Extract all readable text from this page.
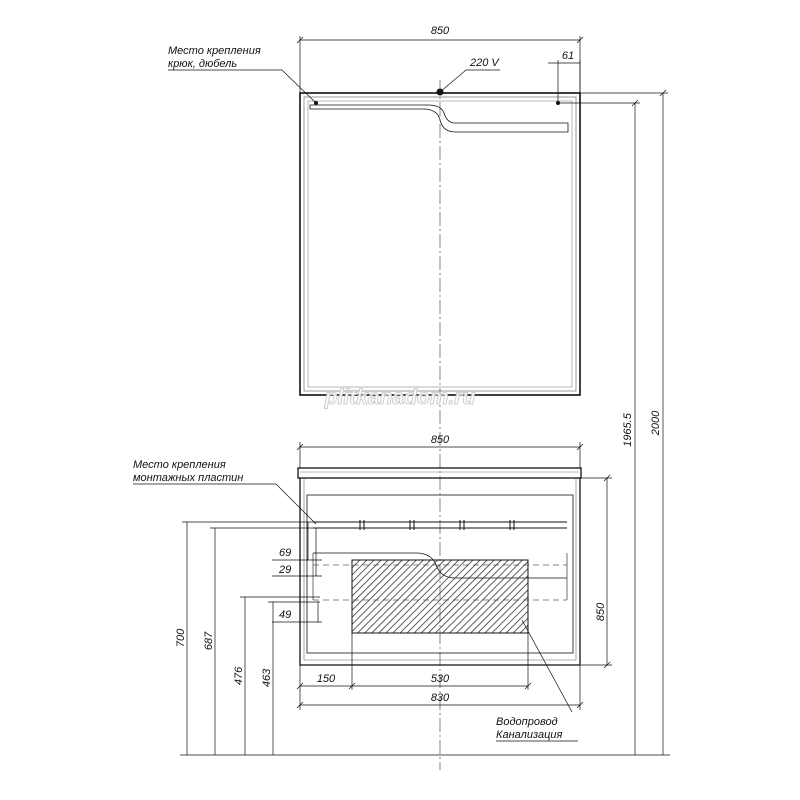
850
61
Место крепления
крюк, дюбель	220 V
1965.5 2000
plitkanadom.ru
850
850
Место крепления
монтажных пластин
69
29
49
700 687
476 463	150	530
830
Водопровод
Канализация
